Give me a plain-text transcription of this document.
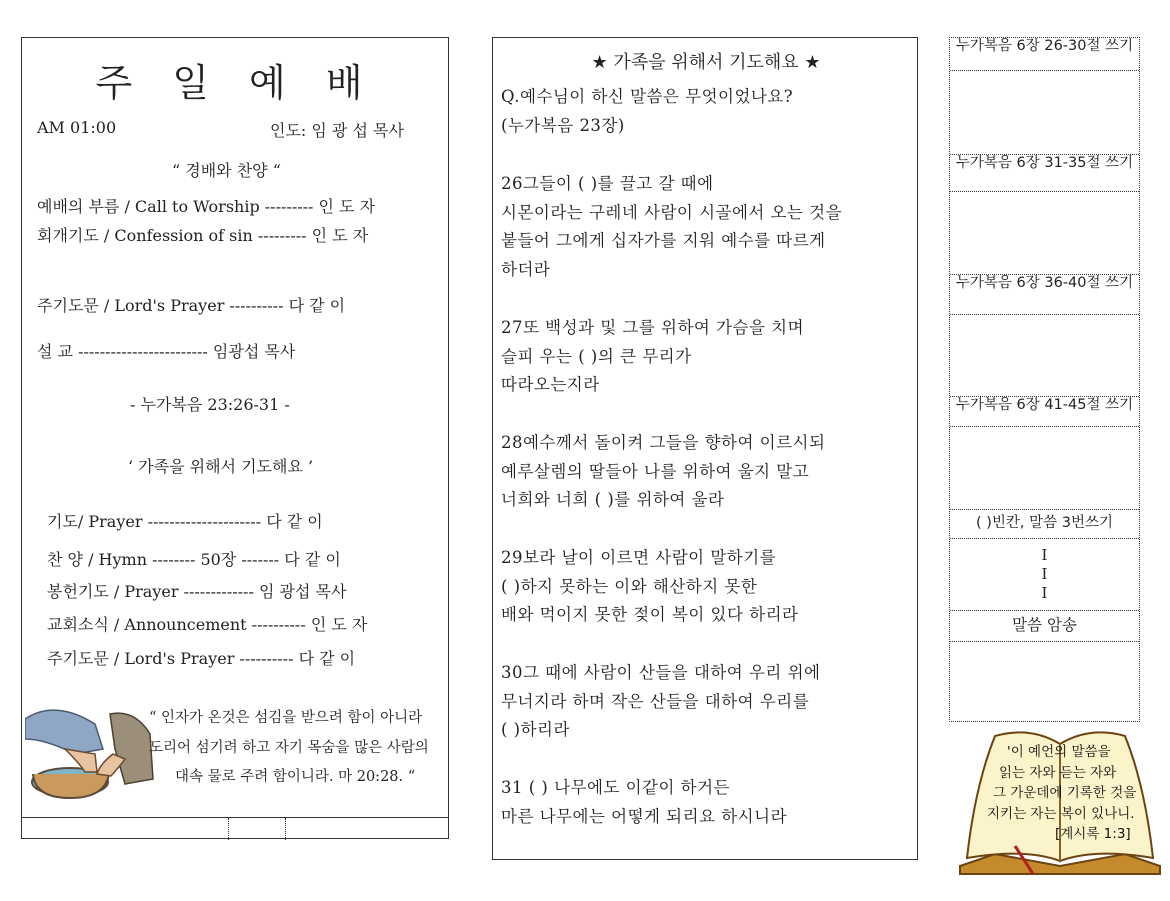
주 일 예 배
AM 01:00	인도: 임 광 섭 목사
“ 경배와 찬양 “
예배의 부름 / Call to Worship --------- 인 도 자
회개기도 / Confession of sin --------- 인 도 자
주기도문 / Lord's Prayer ---------- 다 같 이
설 교 ------------------------ 임광섭 목사
- 누가복음 23:26-31 -
‘ 가족을 위해서 기도해요 ’
기도/ Prayer --------------------- 다 같 이
찬 양 / Hymn -------- 50장 ------- 다 같 이
봉헌기도 / Prayer ------------- 임 광섭 목사
교회소식 / Announcement ---------- 인 도 자
주기도문 / Lord's Prayer ---------- 다 같 이
“ 인자가 온것은 섬김을 받으려 함이 아니라
도리어 섬기려 하고 자기 목숨을 많은 사람의
대속 물로 주려 함이니라. 마 20:28. “
★ 가족을 위해서 기도해요 ★
Q.예수님이 하신 말씀은 무엇이었나요?
(누가복음 23장)
26그들이 ( )를 끌고 갈 때에
시몬이라는 구레네 사람이 시골에서 오는 것을
붙들어 그에게 십자가를 지워 예수를 따르게
하더라
27또 백성과 및 그를 위하여 가슴을 치며
슬피 우는 ( )의 큰 무리가
따라오는지라
28예수께서 돌이켜 그들을 향하여 이르시되
예루살렘의 딸들아 나를 위하여 울지 말고
너희와 너희 ( )를 위하여 울라
29보라 날이 이르면 사람이 말하기를
( )하지 못하는 이와 해산하지 못한
배와 먹이지 못한 젖이 복이 있다 하리라
30그 때에 사람이 산들을 대하여 우리 위에
무너지라 하며 작은 산들을 대하여 우리를
( )하리라
31 ( ) 나무에도 이같이 하거든
마른 나무에는 어떻게 되리요 하시니라
누가복음 6장 26-30절 쓰기
누가복음 6장 31-35절 쓰기
누가복음 6장 36-40절 쓰기
누가복음 6장 41-45절 쓰기
( )빈칸, 말씀 3번쓰기
I
I
I
말씀 암송
'이 예언의 말씀을
읽는 자와 듣는 자와
그 가운데에 기록한 것을
지키는 자는 복이 있나니.
[계시록 1:3]
